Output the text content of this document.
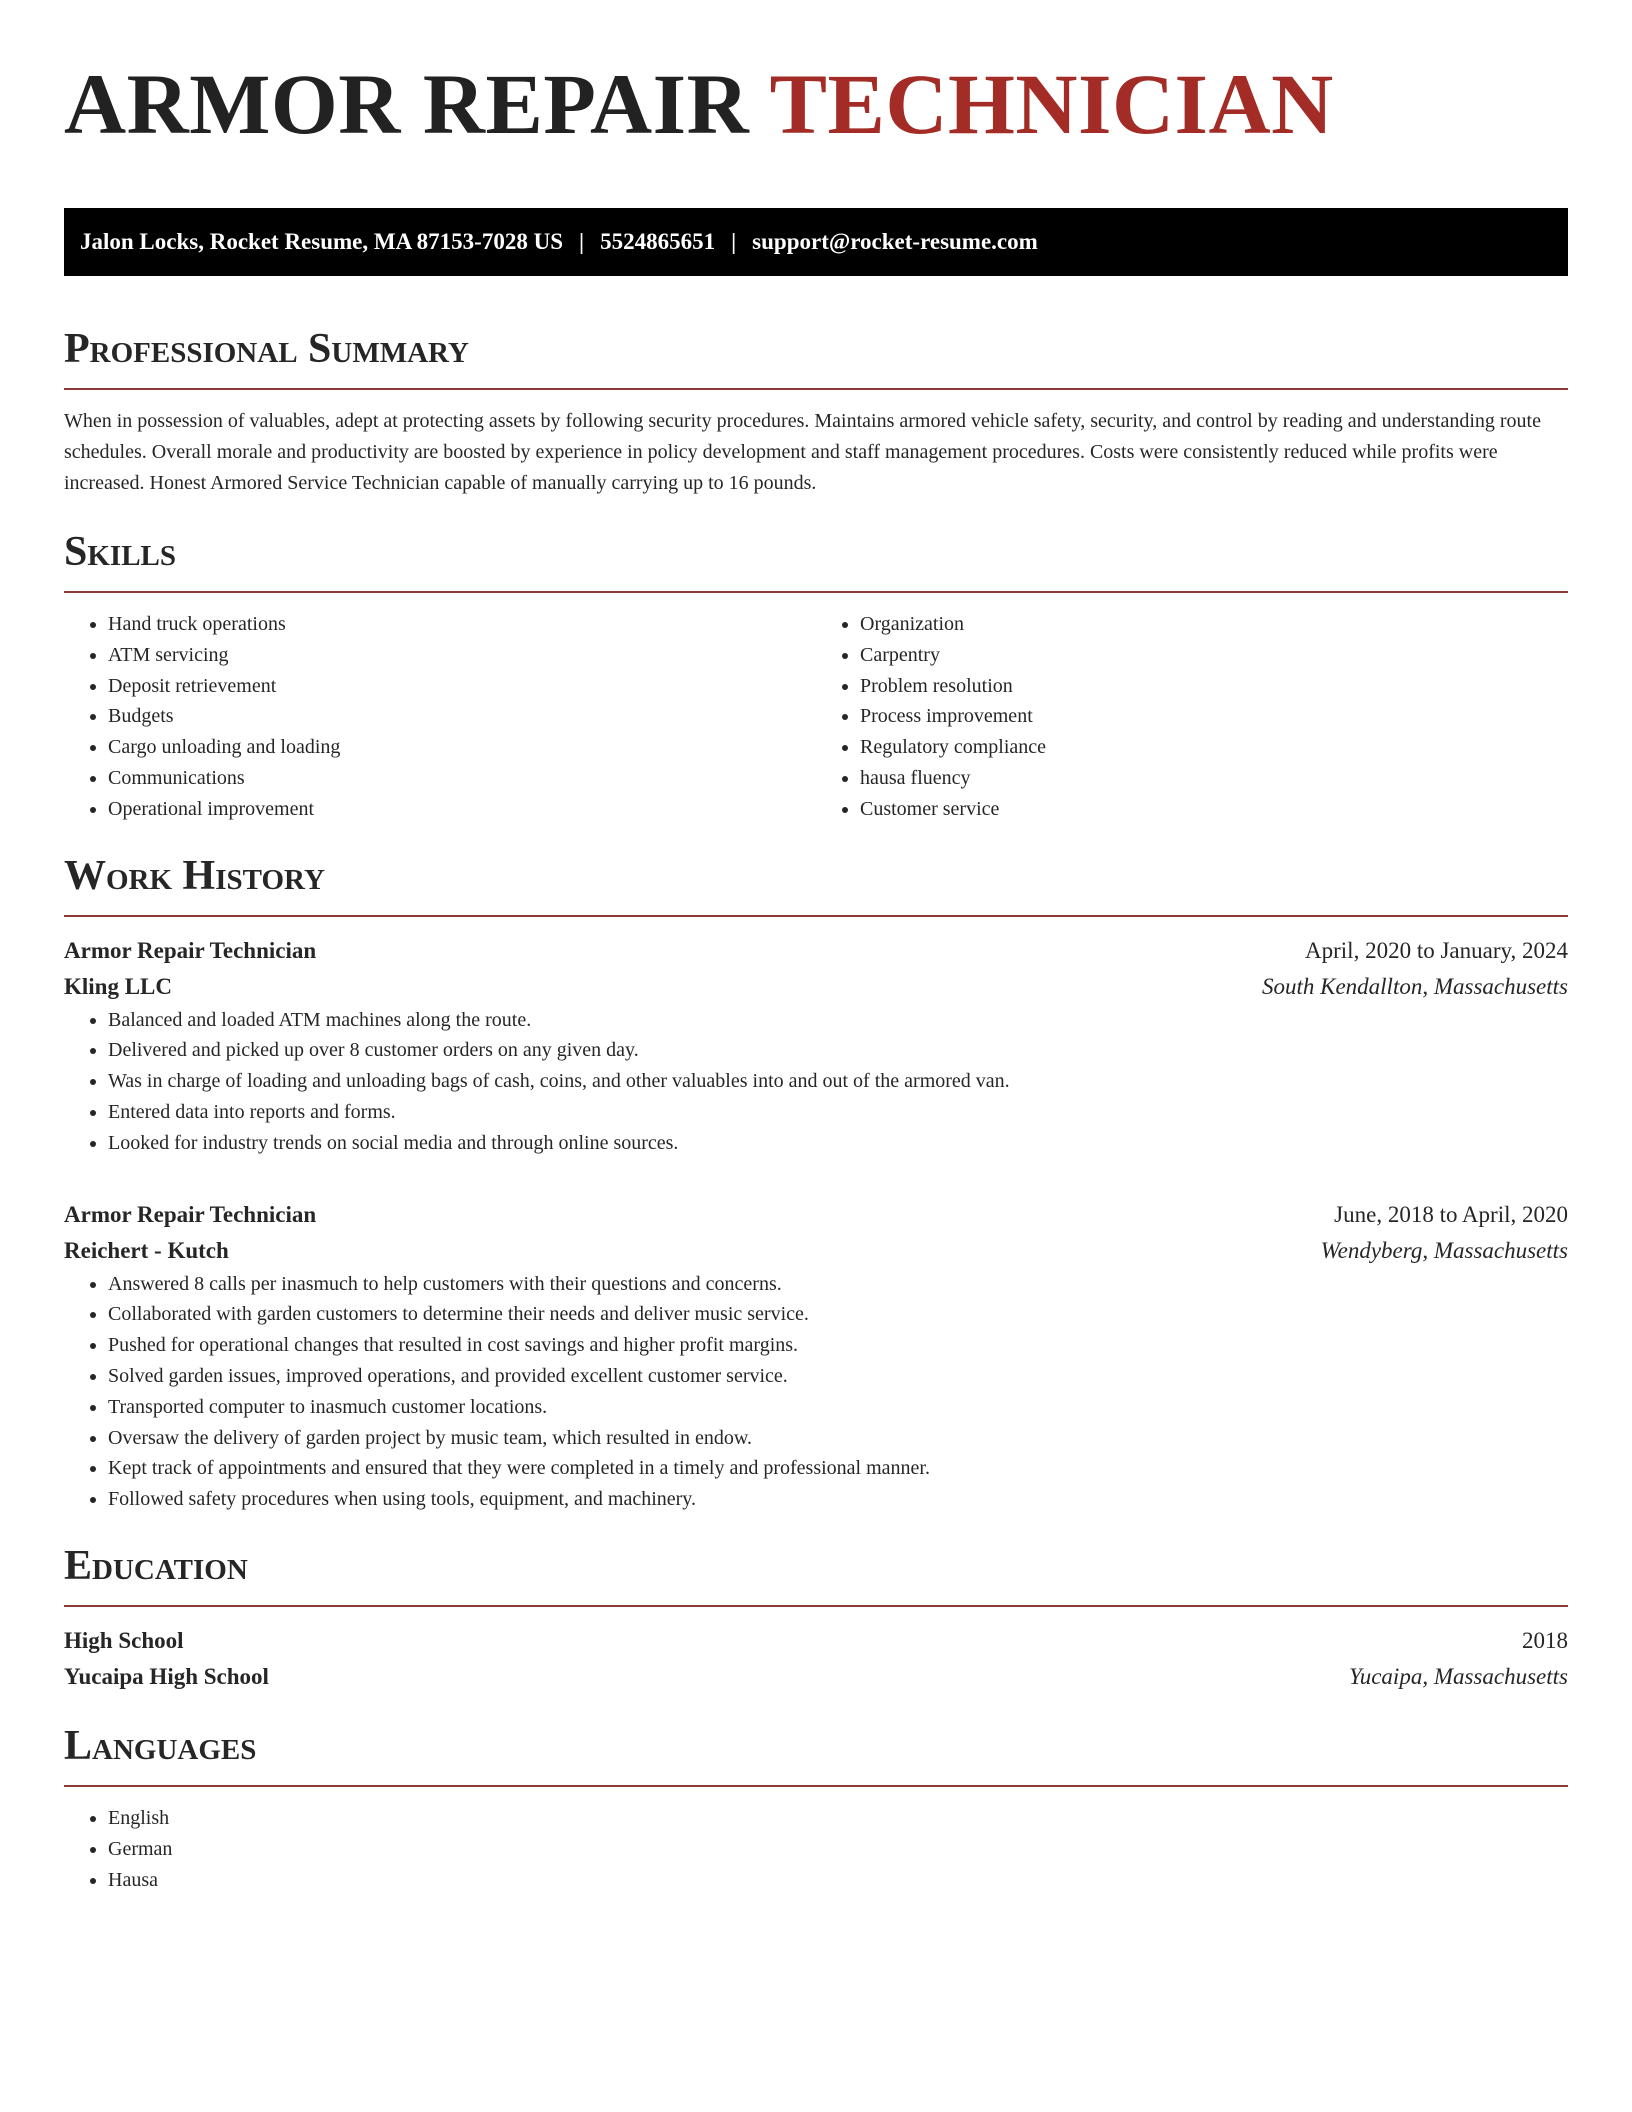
ARMOR REPAIR TECHNICIAN
Jalon Locks, Rocket Resume, MA 87153-7028 US | 5524865651 | support@rocket-resume.com
Professional Summary

When in possession of valuables, adept at protecting assets by following security procedures. Maintains armored vehicle safety, security, and control by reading and understanding route schedules. Overall morale and productivity are boosted by experience in policy development and staff management procedures. Costs were consistently reduced while profits were increased. Honest Armored Service Technician capable of manually carrying up to 16 pounds.

Skills
• Hand truck operations
• ATM servicing
• Deposit retrievement
• Budgets
• Cargo unloading and loading
• Communications
• Operational improvement
• Organization
• Carpentry
• Problem resolution
• Process improvement
• Regulatory compliance
• hausa fluency
• Customer service
Work History
Armor Repair Technician	April, 2020 to January, 2024
Kling LLC	South Kendallton, Massachusetts
• Balanced and loaded ATM machines along the route.
• Delivered and picked up over 8 customer orders on any given day.
• Was in charge of loading and unloading bags of cash, coins, and other valuables into and out of the armored van.
• Entered data into reports and forms.
• Looked for industry trends on social media and through online sources.
Armor Repair Technician	June, 2018 to April, 2020
Reichert - Kutch	Wendyberg, Massachusetts
• Answered 8 calls per inasmuch to help customers with their questions and concerns.
• Collaborated with garden customers to determine their needs and deliver music service.
• Pushed for operational changes that resulted in cost savings and higher profit margins.
• Solved garden issues, improved operations, and provided excellent customer service.
• Transported computer to inasmuch customer locations.
• Oversaw the delivery of garden project by music team, which resulted in endow.
• Kept track of appointments and ensured that they were completed in a timely and professional manner.
• Followed safety procedures when using tools, equipment, and machinery.
Education
High School	2018
Yucaipa High School	Yucaipa, Massachusetts
Languages
• English
• German
• Hausa
